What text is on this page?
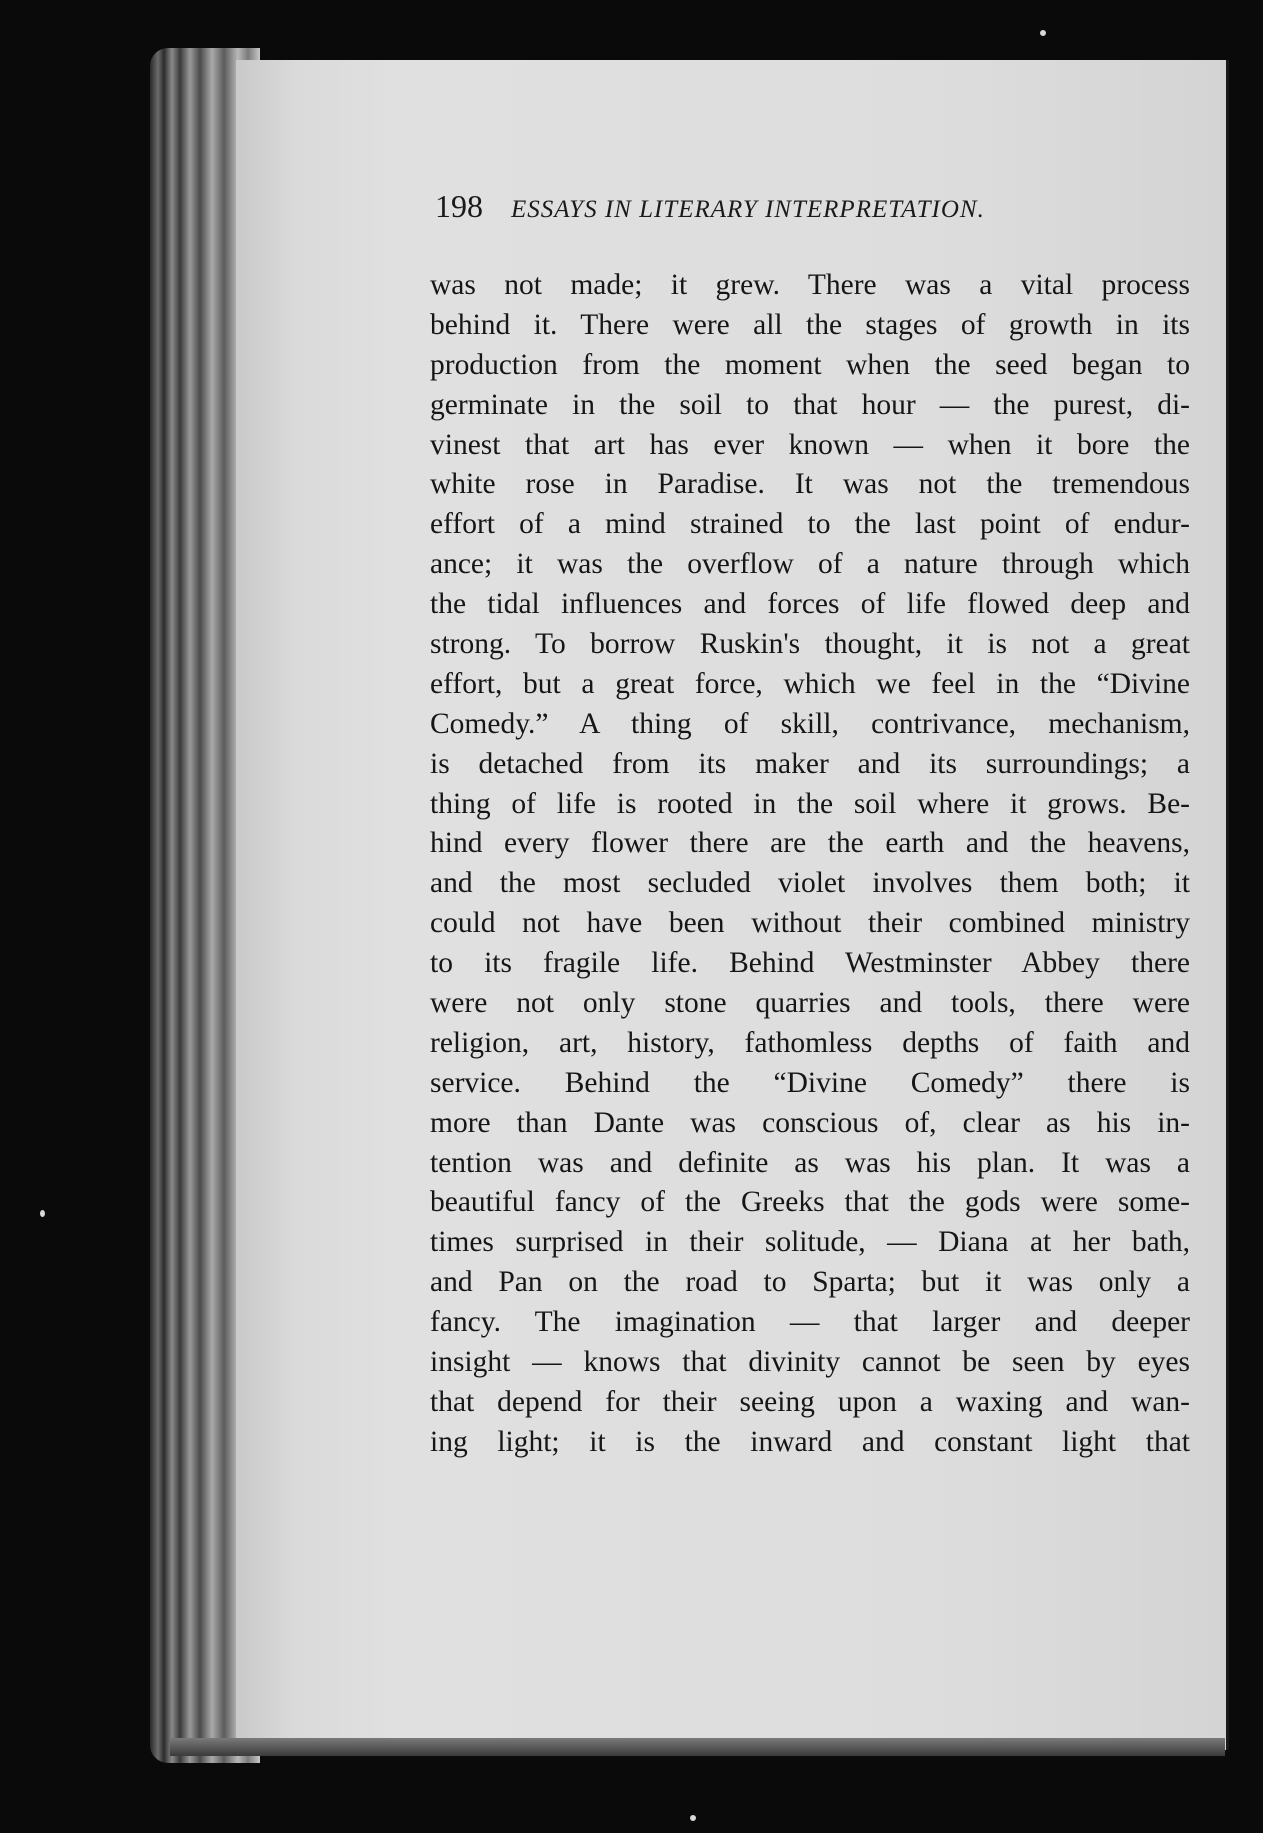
198 ESSAYS IN LITERARY INTERPRETATION.
was not made; it grew. There was a vital process
behind it. There were all the stages of growth in its
production from the moment when the seed began to
germinate in the soil to that hour — the purest, di-
vinest that art has ever known — when it bore the
white rose in Paradise. It was not the tremendous
effort of a mind strained to the last point of endur-
ance; it was the overflow of a nature through which
the tidal influences and forces of life flowed deep and
strong. To borrow Ruskin's thought, it is not a great
effort, but a great force, which we feel in the “Divine
Comedy.” A thing of skill, contrivance, mechanism,
is detached from its maker and its surroundings; a
thing of life is rooted in the soil where it grows. Be-
hind every flower there are the earth and the heavens,
and the most secluded violet involves them both; it
could not have been without their combined ministry
to its fragile life. Behind Westminster Abbey there
were not only stone quarries and tools, there were
religion, art, history, fathomless depths of faith and
service. Behind the “Divine Comedy” there is
more than Dante was conscious of, clear as his in-
tention was and definite as was his plan. It was a
beautiful fancy of the Greeks that the gods were some-
times surprised in their solitude, — Diana at her bath,
and Pan on the road to Sparta; but it was only a
fancy. The imagination — that larger and deeper
insight — knows that divinity cannot be seen by eyes
that depend for their seeing upon a waxing and wan-
ing light; it is the inward and constant light that
